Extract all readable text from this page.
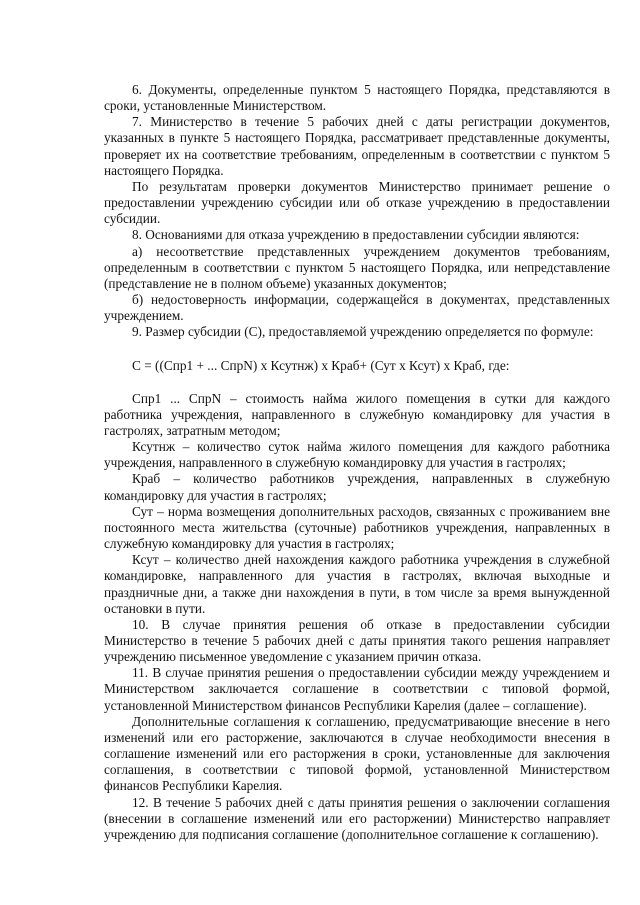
6. Документы, определенные пунктом 5 настоящего Порядка, представляются в сроки, установленные Министерством.

7. Министерство в течение 5 рабочих дней с даты регистрации документов, указанных в пункте 5 настоящего Порядка, рассматривает представленные документы, проверяет их на соответствие требованиям, определенным в соответствии с пунктом 5 настоящего Порядка.

По результатам проверки документов Министерство принимает решение о предоставлении учреждению субсидии или об отказе учреждению в предоставлении субсидии.

8. Основаниями для отказа учреждению в предоставлении субсидии являются:

а) несоответствие представленных учреждением документов требованиям, определенным в соответствии с пунктом 5 настоящего Порядка, или непредставление (представление не в полном объеме) указанных документов;

б) недостоверность информации, содержащейся в документах, представленных учреждением.

9. Размер субсидии (С), предоставляемой учреждению определяется по формуле:

С = ((Спр1 + ... СпрN) х Ксутнж) х Краб+ (Сут х Ксут) х Краб, где:

Спр1 ... СпрN – стоимость найма жилого помещения в сутки для каждого работника учреждения, направленного в служебную командировку для участия в гастролях, затратным методом;

Ксутнж – количество суток найма жилого помещения для каждого работника учреждения, направленного в служебную командировку для участия в гастролях;

Краб – количество работников учреждения, направленных в служебную командировку для участия в гастролях;

Сут – норма возмещения дополнительных расходов, связанных с проживанием вне постоянного места жительства (суточные) работников учреждения, направленных в служебную командировку для участия в гастролях;

Ксут – количество дней нахождения каждого работника учреждения в служебной командировке, направленного для участия в гастролях, включая выходные и праздничные дни, а также дни нахождения в пути, в том числе за время вынужденной остановки в пути.

10. В случае принятия решения об отказе в предоставлении субсидии Министерство в течение 5 рабочих дней с даты принятия такого решения направляет учреждению письменное уведомление с указанием причин отказа.

11. В случае принятия решения о предоставлении субсидии между учреждением и Министерством заключается соглашение в соответствии с типовой формой, установленной Министерством финансов Республики Карелия (далее – соглашение).

Дополнительные соглашения к соглашению, предусматривающие внесение в него изменений или его расторжение, заключаются в случае необходимости внесения в соглашение изменений или его расторжения в сроки, установленные для заключения соглашения, в соответствии с типовой формой, установленной Министерством финансов Республики Карелия.

12. В течение 5 рабочих дней с даты принятия решения о заключении соглашения (внесении в соглашение изменений или его расторжении) Министерство направляет учреждению для подписания соглашение (дополнительное соглашение к соглашению).
